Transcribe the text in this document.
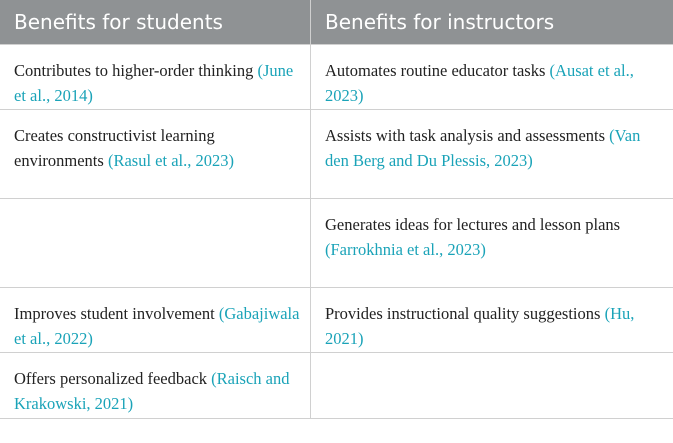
Benefits for students	Benefits for instructors
Contributes to higher-order thinking (June et al., 2014)
Automates routine educator tasks (Ausat et al., 2023)
Creates constructivist learning environments (Rasul et al., 2023)
Assists with task analysis and assessments (Van den Berg and Du Plessis, 2023)
Generates ideas for lectures and lesson plans (Farrokhnia et al., 2023)
Improves student involvement (Gabajiwala et al., 2022)
Provides instructional quality suggestions (Hu, 2021)
Offers personalized feedback (Raisch and Krakowski, 2021)
